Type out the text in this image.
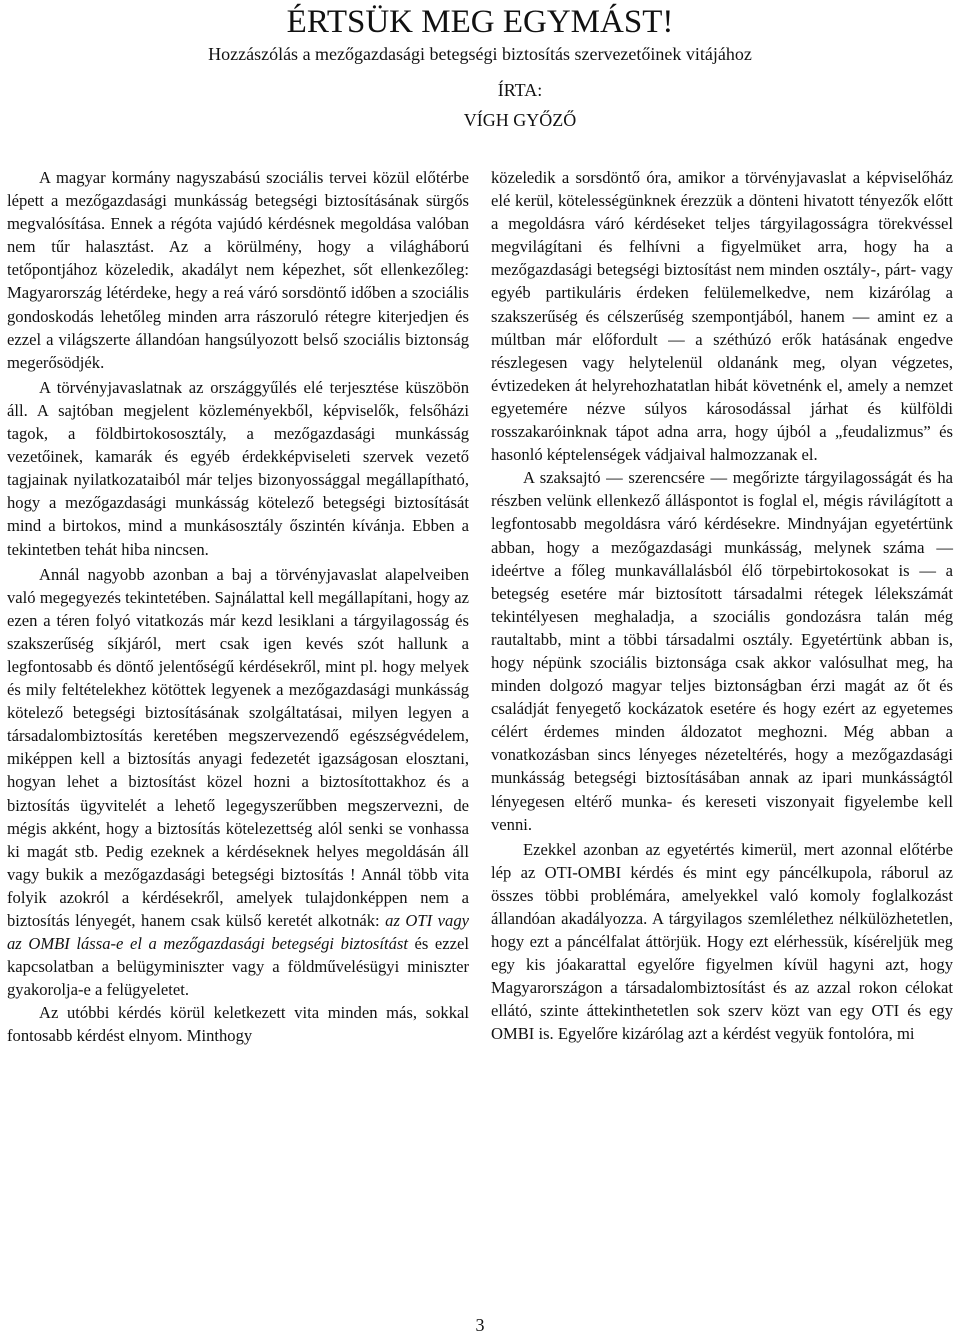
ÉRTSÜK MEG EGYMÁST!
Hozzászólás a mezőgazdasági betegségi biztosítás szervezetőinek vitájához
ÍRTA:
VÍGH GYŐZŐ

A magyar kormány nagyszabású szociális tervei közül előtérbe lépett a mezőgazdasági munkásság betegségi biztosításának sürgős megvalósítása. Ennek a régóta vajúdó kérdésnek megoldása valóban nem tűr halasztást. Az a körülmény, hogy a világháború tetőpontjához közeledik, akadályt nem képezhet, sőt ellenkezőleg: Magyarország létérdeke, hegy a reá váró sorsdöntő időben a szociális gondoskodás lehetőleg minden arra rászoruló rétegre kiterjedjen és ezzel a világszerte állandóan hangsúlyozott belső szociális biztonság megerősödjék.

A törvényjavaslatnak az országgyűlés elé terjesztése küszöbön áll. A sajtóban megjelent közleményekből, képviselők, felsőházi tagok, a földbirtokososztály, a mezőgazdasági munkásság vezetőinek, kamarák és egyéb érdekképviseleti szervek vezető tagjainak nyilatkozataiból már teljes bizonyossággal megállapítható, hogy a mezőgazdasági munkásság kötelező betegségi biztosítását mind a birtokos, mind a munkásosztály őszintén kívánja. Ebben a tekintetben tehát hiba nincsen.

Annál nagyobb azonban a baj a törvényjavaslat alapelveiben való megegyezés tekintetében. Sajnálattal kell megállapítani, hogy az ezen a téren folyó vitatkozás már kezd lesiklani a tárgyilagosság és szakszerűség síkjáról, mert csak igen kevés szót hallunk a legfontosabb és döntő jelentőségű kérdésekről, mint pl. hogy melyek és mily feltételekhez kötöttek legyenek a mezőgazdasági munkásság kötelező betegségi biztosításának szolgáltatásai, milyen legyen a társadalombiztosítás keretében megszervezendő egészségvédelem, miképpen kell a biztosítás anyagi fedezetét igazságosan elosztani, hogyan lehet a biztosítást közel hozni a biztosítottakhoz és a biztosítás ügyvitelét a lehető legegyszerűbben megszervezni, de mégis akként, hogy a biztosítás kötelezettség alól senki se vonhassa ki magát stb. Pedig ezeknek a kérdéseknek helyes megoldásán áll vagy bukik a mezőgazdasági betegségi biztosítás ! Annál több vita folyik azokról a kérdésekről, amelyek tulajdonképpen nem a biztosítás lényegét, hanem csak külső keretét alkotnák: az OTI vagy az OMBI lássa-e el a mezőgazdasági betegségi biztosítást és ezzel kapcsolatban a belügyminiszter vagy a földművelésügyi miniszter gyakorolja-e a felügyeletet.

Az utóbbi kérdés körül keletkezett vita minden más, sokkal fontosabb kérdést elnyom. Minthogy

közeledik a sorsdöntő óra, amikor a törvényjavaslat a képviselőház elé kerül, kötelességünknek érezzük a dönteni hivatott tényezők előtt a megoldásra váró kérdéseket teljes tárgyilagosságra törekvéssel megvilágítani és felhívni a figyelmüket arra, hogy ha a mezőgazdasági betegségi biztosítást nem minden osztály-, párt- vagy egyéb partikuláris érdeken felülemelkedve, nem kizárólag a szakszerűség és célszerűség szempontjából, hanem — amint ez a múltban már előfordult — a széthúzó erők hatásának engedve részlegesen vagy helytelenül oldanánk meg, olyan végzetes, évtizedeken át helyrehozhatatlan hibát követnénk el, amely a nemzet egyetemére nézve súlyos károsodással járhat és külföldi rosszakaróinknak tápot adna arra, hogy újból a „feudalizmus” és hasonló képtelenségek vádjaival halmozzanak el.

A szaksajtó — szerencsére — megőrizte tárgyilagosságát és ha részben velünk ellenkező álláspontot is foglal el, mégis rávilágított a legfontosabb megoldásra váró kérdésekre. Mindnyájan egyetértünk abban, hogy a mezőgazdasági munkásság, melynek száma — ideértve a főleg munkavállalásból élő törpebirtokosokat is — a betegség esetére már biztosított társadalmi rétegek lélekszámát tekintélyesen meghaladja, a szociális gondozásra talán még rautaltabb, mint a többi társadalmi osztály. Egyetértünk abban is, hogy népünk szociális biztonsága csak akkor valósulhat meg, ha minden dolgozó magyar teljes biztonságban érzi magát az őt és családját fenyegető kockázatok esetére és hogy ezért az egyetemes célért érdemes minden áldozatot meghozni. Még abban a vonatkozásban sincs lényeges nézeteltérés, hogy a mezőgazdasági munkásság betegségi biztosításában annak az ipari munkásságtól lényegesen eltérő munka- és kereseti viszonyait figyelembe kell venni.

Ezekkel azonban az egyetértés kimerül, mert azonnal előtérbe lép az OTI-OMBI kérdés és mint egy páncélkupola, ráborul az összes többi problémára, amelyekkel való komoly foglalkozást állandóan akadályozza. A tárgyilagos szemlélethez nélkülözhetetlen, hogy ezt a páncélfalat áttörjük. Hogy ezt elérhessük, kíséreljük meg egy kis jóakarattal egyelőre figyelmen kívül hagyni azt, hogy Magyarországon a társadalombiztosítást és az azzal rokon célokat ellátó, szinte áttekinthetetlen sok szerv közt van egy OTI és egy OMBI is. Egyelőre kizárólag azt a kérdést vegyük fontolóra, mi

3
